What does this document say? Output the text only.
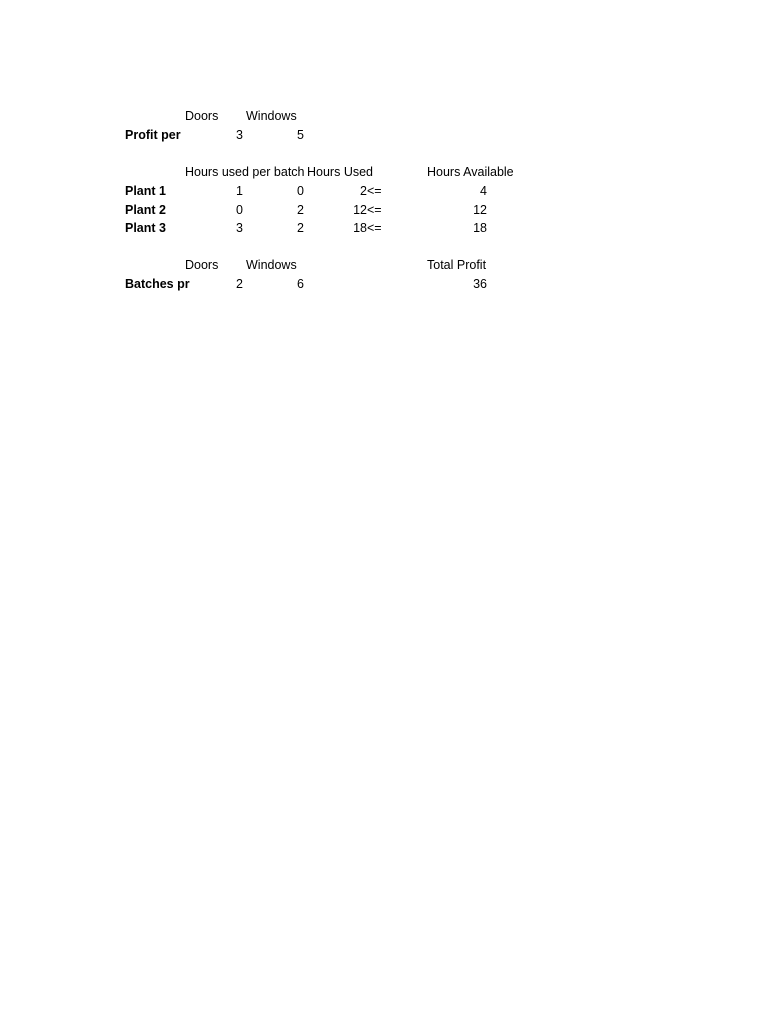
Doors Windows
Profit per	3	5
Hours used per batch Hours Used	Hours Available
Plant 1	1	0	2 <=	4
Plant 2	0	2	12 <=	12
Plant 3	3	2	18 <=	18
Doors Windows	Total Profit
Batches pr	2	6	36
